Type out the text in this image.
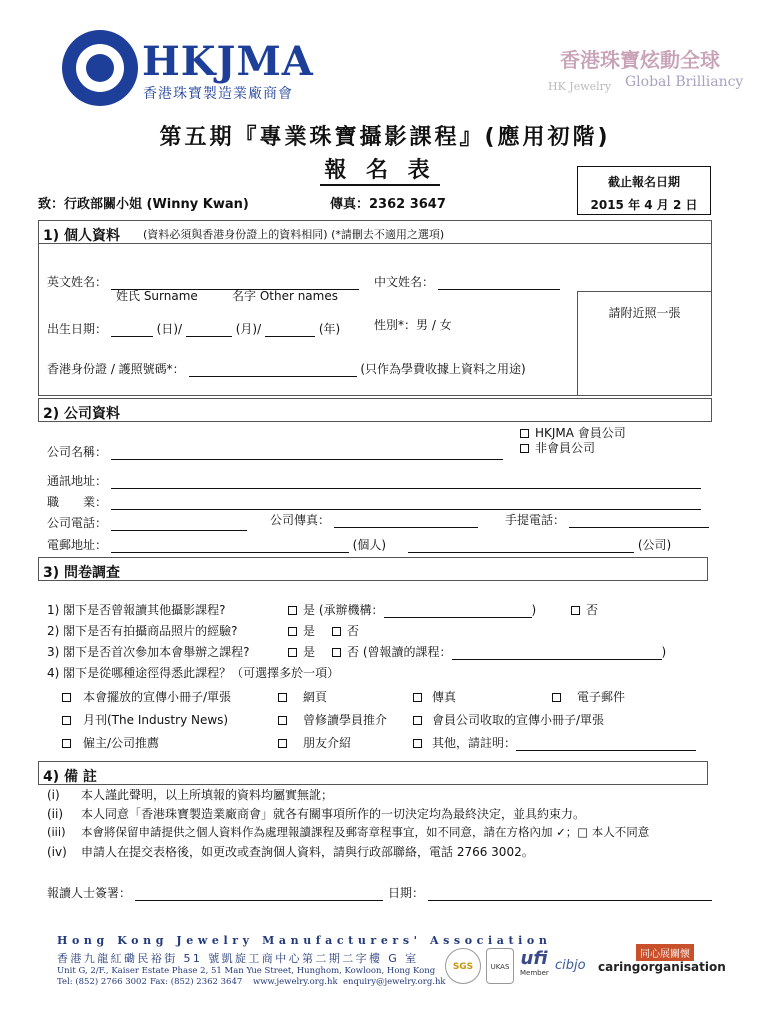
HKJMA
香港珠寶製造業廠商會
香港珠寶炫動全球
Global Brilliancy
HK Jewelry
第五期『專業珠寶攝影課程』(應用初階)
報 名 表
致：行政部關小姐 (Winny Kwan)	傳真：2362 3647
截止報名日期
2015 年 4 月 2 日
1) 個人資料 (資料必須與香港身份證上的資料相同) (*請刪去不適用之選項)
英文姓名：
姓氏 Surname	名字 Other names
中文姓名：
請附近照一張
出生日期：	(日)/	(月)/	(年)	性別*：男 / 女
香港身份證 / 護照號碼*：	(只作為學費收據上資料之用途)
2) 公司資料
HKJMA 會員公司
非會員公司
公司名稱：
通訊地址：
職　　業：
公司電話：	公司傳真：	手提電話：
電郵地址：	(個人)	(公司)
3) 問卷調查
1) 閣下是否曾報讀其他攝影課程?	是 (承辦機構：	)	否
2) 閣下是否有拍攝商品照片的經驗?	是	否
3) 閣下是否首次參加本會舉辦之課程?	是	否 (曾報讀的課程：	)
4) 閣下是從哪種途徑得悉此課程？（可選擇多於一項）
本會擺放的宣傳小冊子/單張	網頁	傳真	電子郵件
月刊(The Industry News)	曾修讀學員推介	會員公司收取的宣傳小冊子/單張
僱主/公司推薦	朋友介紹	其他，請註明：
4) 備 註
(i) 本人謹此聲明，以上所填報的資料均屬實無訛；
(ii) 本人同意「香港珠寶製造業廠商會」就各有關事項所作的一切決定均為最終決定，並具約束力。
(iii) 本會將保留申請提供之個人資料作為處理報讀課程及郵寄章程事宜，如不同意，請在方格內加 ✓；□ 本人不同意
(iv) 申請人在提交表格後，如更改或查詢個人資料，請與行政部聯絡，電話 2766 3002。
報讀人士簽署：	日期：
Hong Kong Jewelry Manufacturers' Association
香港九龍紅磡民裕街 51 號凱旋工商中心第二期二字樓 G 室
Unit G, 2/F., Kaiser Estate Phase 2, 51 Man Yue Street, Hunghom, Kowloon, Hong Kong
Tel: (852) 2766 3002 Fax: (852) 2362 3647 www.jewelry.org.hk enquiry@jewelry.org.hk
SGS	UKAS ufi
Member cibjo
同心展關懷
caringorganisation
